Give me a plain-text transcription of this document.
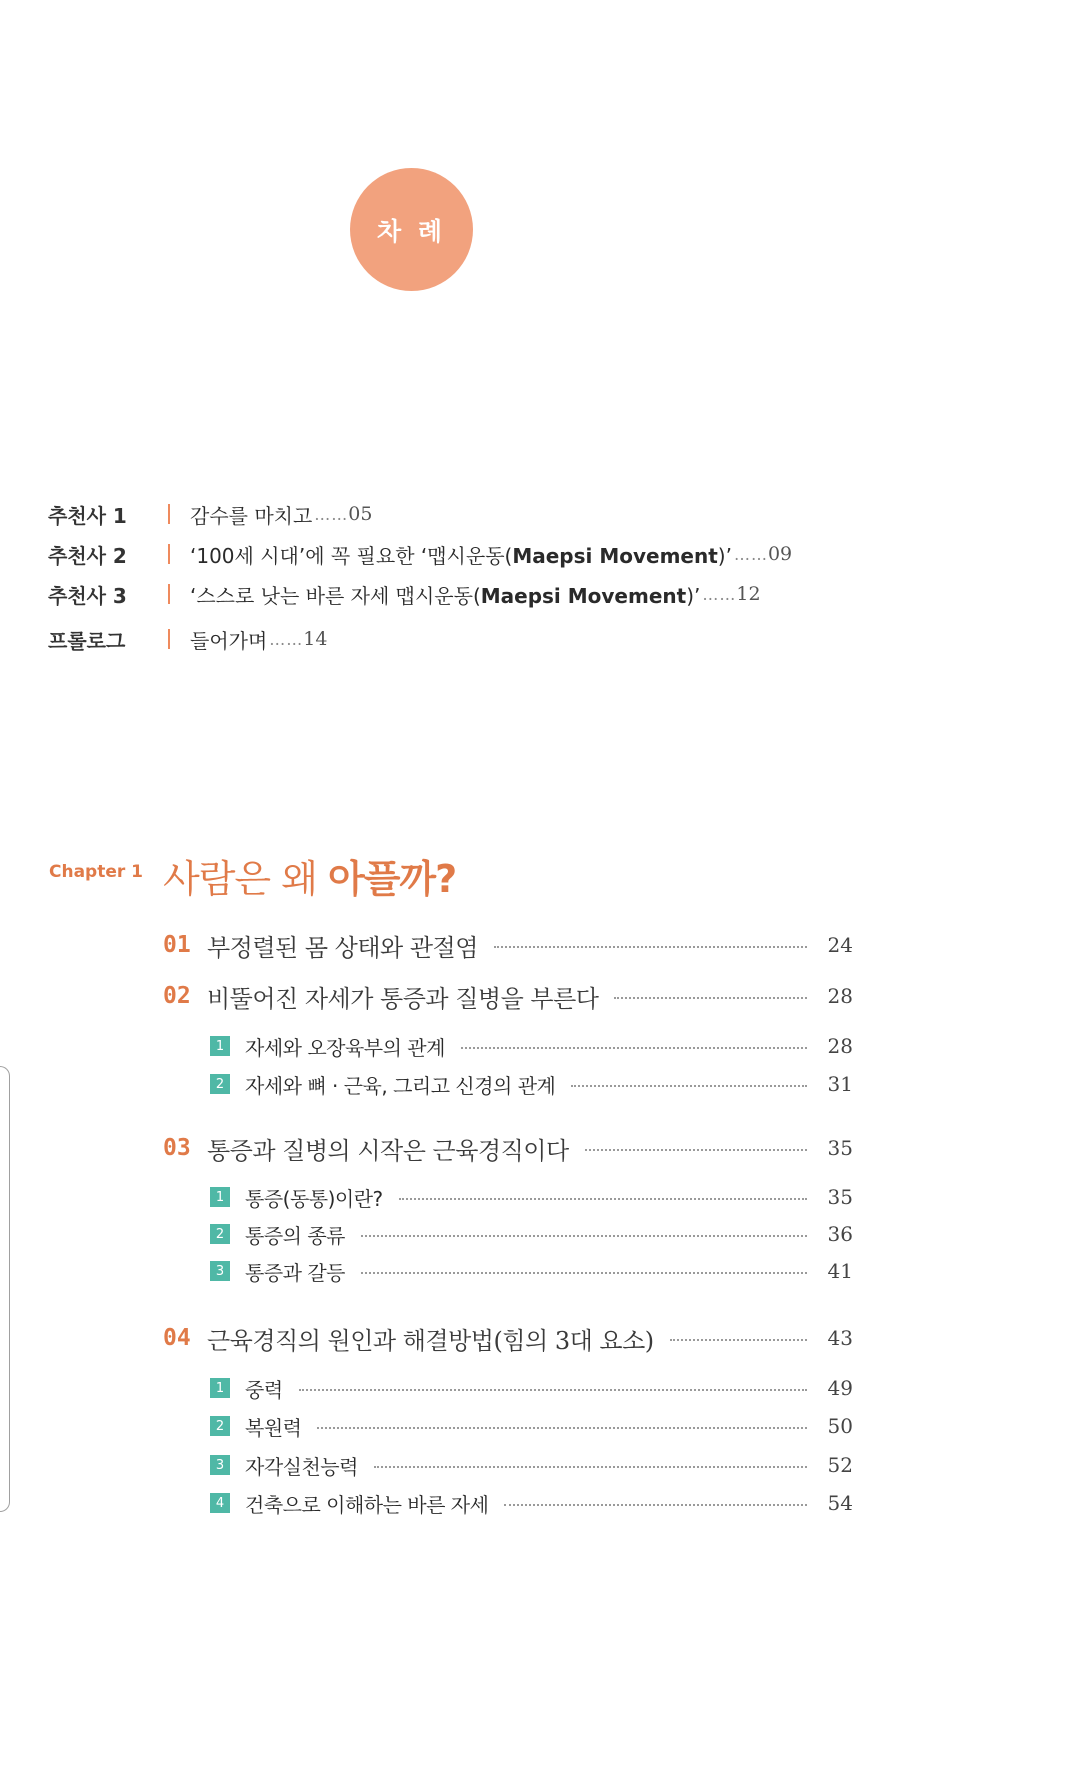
차 례
추천사 1	감수를 마치고 …… 05
추천사 2	‘100세 시대’에 꼭 필요한 ‘맵시운동(Maepsi Movement)’ …… 09
추천사 3	‘스스로 낫는 바른 자세 맵시운동(Maepsi Movement)’ …… 12
프롤로그	들어가며 …… 14
Chapter 1 사람은 왜 아플까?
01 부정렬된 몸 상태와 관절염	24
02 비뚤어진 자세가 통증과 질병을 부른다	28
1 자세와 오장육부의 관계	28
2 자세와 뼈 · 근육, 그리고 신경의 관계	31
03 통증과 질병의 시작은 근육경직이다	35
1 통증(동통)이란?	35
2 통증의 종류	36
3 통증과 갈등	41
04 근육경직의 원인과 해결방법(힘의 3대 요소)	43
1 중력	49
2 복원력	50
3 자각실천능력	52
4 건축으로 이해하는 바른 자세	54
